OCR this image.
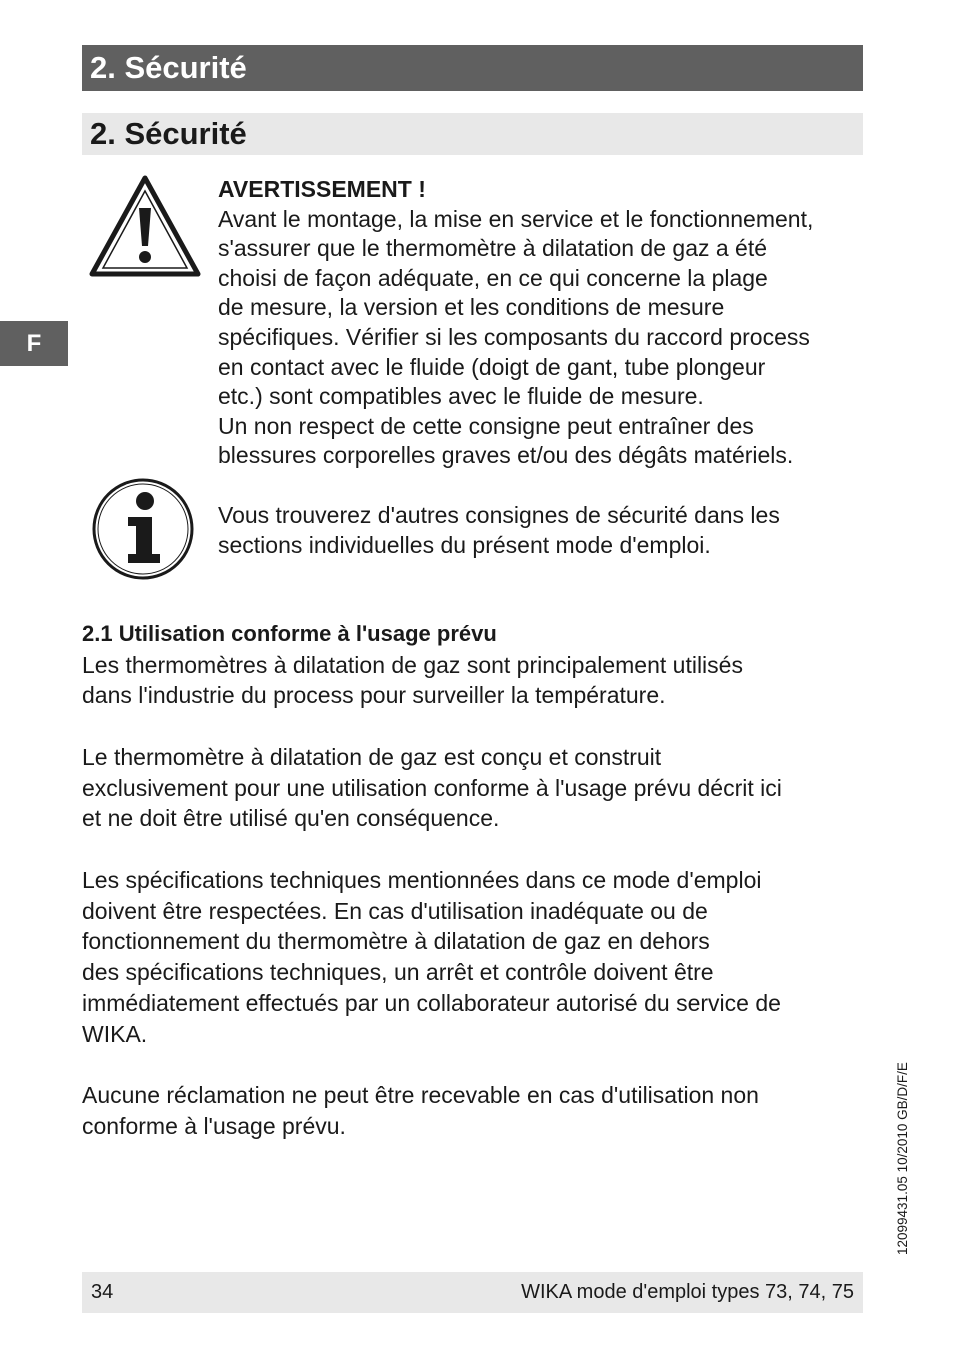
2. Sécurité
2. Sécurité
F
AVERTISSEMENT !
Avant le montage, la mise en service et le fonctionnement,
s'assurer que le thermomètre à dilatation de gaz a été
choisi de façon adéquate, en ce qui concerne la plage
de mesure, la version et les conditions de mesure
spécifiques. Vérifier si les composants du raccord process
en contact avec le fluide (doigt de gant, tube plongeur
etc.) sont compatibles avec le fluide de mesure.
Un non respect de cette consigne peut entraîner des
blessures corporelles graves et/ou des dégâts matériels.
Vous trouverez d'autres consignes de sécurité dans les
sections individuelles du présent mode d'emploi.
2.1 Utilisation conforme à l'usage prévu
Les thermomètres à dilatation de gaz sont principalement utilisés
dans l'industrie du process pour surveiller la température.
Le thermomètre à dilatation de gaz est conçu et construit
exclusivement pour une utilisation conforme à l'usage prévu décrit ici
et ne doit être utilisé qu'en conséquence.
Les spécifications techniques mentionnées dans ce mode d'emploi
doivent être respectées. En cas d'utilisation inadéquate ou de
fonctionnement du thermomètre à dilatation de gaz en dehors
des spécifications techniques, un arrêt et contrôle doivent être
immédiatement effectués par un collaborateur autorisé du service de
WIKA.
Aucune réclamation ne peut être recevable en cas d'utilisation non
conforme à l'usage prévu.	12099431.05 10/2010 GB/D/F/E
34	WIKA mode d'emploi types 73, 74, 75
